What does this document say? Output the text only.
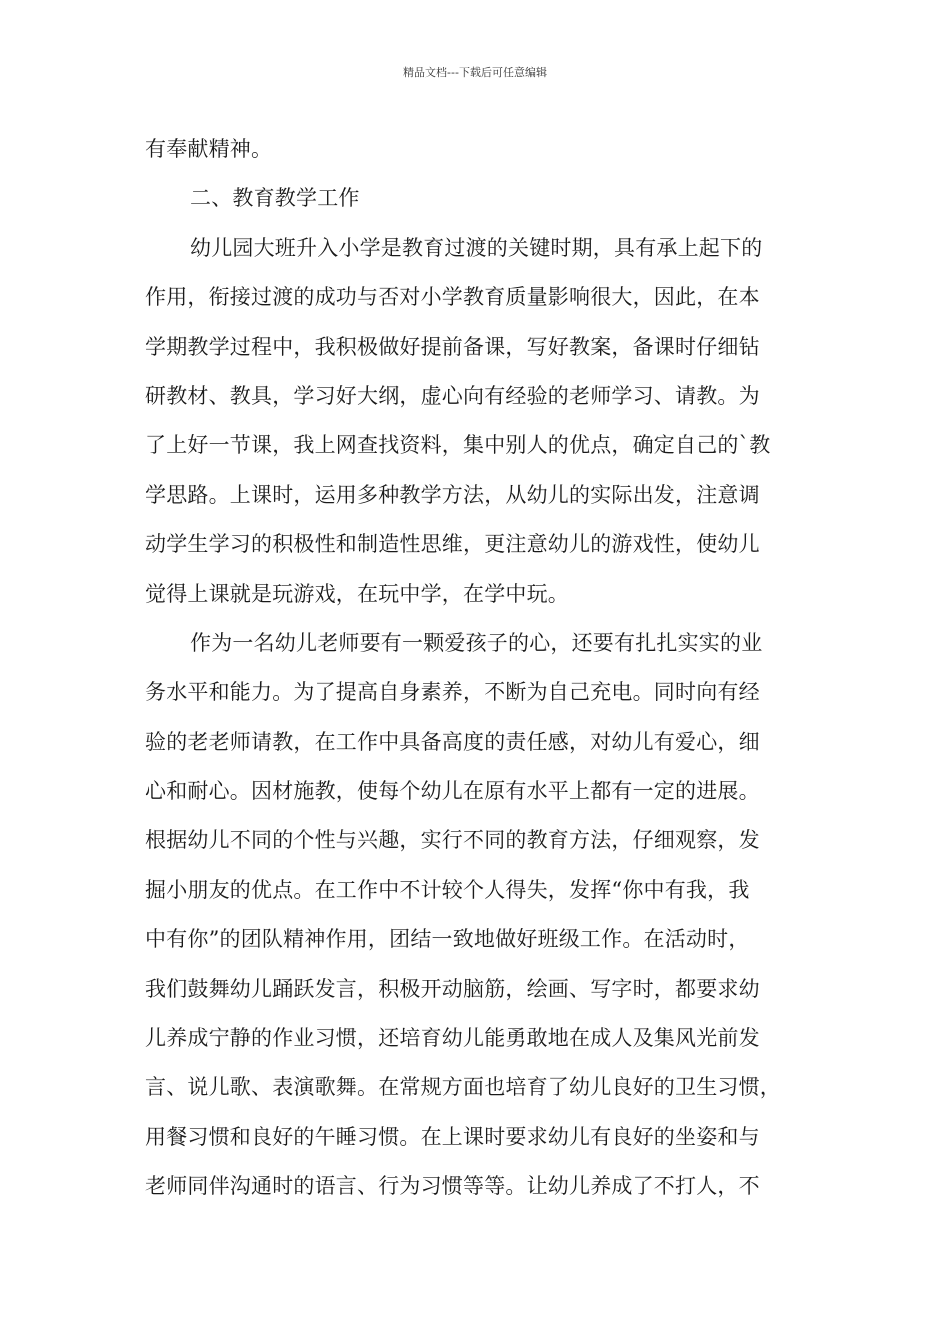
精品文档---下载后可任意编辑
有奉献精神。
二、教育教学工作
幼儿园大班升入小学是教育过渡的关键时期，具有承上起下的
作用，衔接过渡的成功与否对小学教育质量影响很大，因此，在本
学期教学过程中，我积极做好提前备课，写好教案，备课时仔细钻
研教材、教具，学习好大纲，虚心向有经验的老师学习、请教。为
了上好一节课，我上网查找资料，集中别人的优点，确定自己的`教
学思路。上课时，运用多种教学方法，从幼儿的实际出发，注意调
动学生学习的积极性和制造性思维，更注意幼儿的游戏性，使幼儿
觉得上课就是玩游戏，在玩中学，在学中玩。
作为一名幼儿老师要有一颗爱孩子的心，还要有扎扎实实的业
务水平和能力。为了提高自身素养，不断为自己充电。同时向有经
验的老老师请教，在工作中具备高度的责任感，对幼儿有爱心，细
心和耐心。因材施教，使每个幼儿在原有水平上都有一定的进展。
根据幼儿不同的个性与兴趣，实行不同的教育方法，仔细观察，发
掘小朋友的优点。在工作中不计较个人得失，发挥“你中有我，我
中有你”的团队精神作用，团结一致地做好班级工作。在活动时，
我们鼓舞幼儿踊跃发言，积极开动脑筋，绘画、写字时，都要求幼
儿养成宁静的作业习惯，还培育幼儿能勇敢地在成人及集风光前发
言、说儿歌、表演歌舞。在常规方面也培育了幼儿良好的卫生习惯，
用餐习惯和良好的午睡习惯。在上课时要求幼儿有良好的坐姿和与
老师同伴沟通时的语言、行为习惯等等。让幼儿养成了不打人，不
